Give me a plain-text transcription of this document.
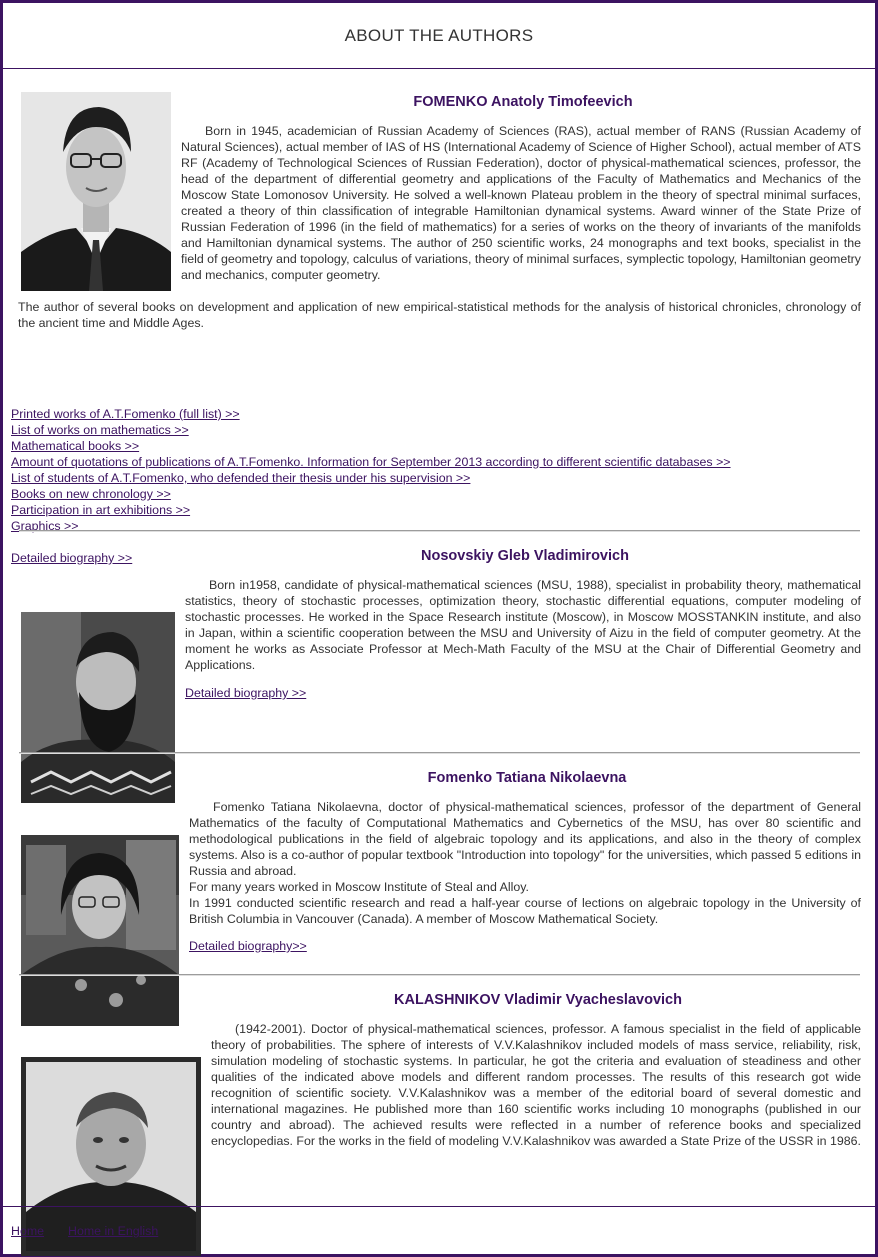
ABOUT THE AUTHORS

FOMENKO Anatoly Timofeevich

Born in 1945, academician of Russian Academy of Sciences (RAS), actual member of RANS (Russian Academy of Natural Sciences), actual member of IAS of HS (International Academy of Science of Higher School), actual member of ATS RF (Academy of Technological Sciences of Russian Federation), doctor of physical-mathematical sciences, professor, the head of the department of differential geometry and applications of the Faculty of Mathematics and Mechanics of the Moscow State Lomonosov University. He solved a well-known Plateau problem in the theory of spectral minimal surfaces, created a theory of thin classification of integrable Hamiltonian dynamical systems. Award winner of the State Prize of Russian Federation of 1996 (in the field of mathematics) for a series of works on the theory of invariants of the manifolds and Hamiltonian dynamical systems. The author of 250 scientific works, 24 monographs and text books, specialist in the field of geometry and topology, calculus of variations, theory of minimal surfaces, symplectic topology, Hamiltonian geometry and mechanics, computer geometry.

The author of several books on development and application of new empirical-statistical methods for the analysis of historical chronicles, chronology of the ancient time and Middle Ages.

Printed works of A.T.Fomenko (full list) >>
List of works on mathematics >>
Mathematical books >>
Amount of quotations of publications of A.T.Fomenko. Information for September 2013 according to different scientific databases >>
List of students of A.T.Fomenko, who defended their thesis under his supervision >>
Books on new chronology >>
Participation in art exhibitions >>
Graphics >>
Detailed biography >>	Nosovskiy Gleb Vladimirovich

Born in1958, candidate of physical-mathematical sciences (MSU, 1988), specialist in probability theory, mathematical statistics, theory of stochastic processes, optimization theory, stochastic differential equations, computer modeling of stochastic processes. He worked in the Space Research institute (Moscow), in Moscow MOSSTANKIN institute, and also in Japan, within a scientific cooperation between the MSU and University of Aizu in the field of computer geometry. At the moment he works as Associate Professor at Mech-Math Faculty of the MSU at the Chair of Differential Geometry and Applications.

Detailed biography >>

Fomenko Tatiana Nikolaevna

Fomenko Tatiana Nikolaevna, doctor of physical-mathematical sciences, professor of the department of General Mathematics of the faculty of Computational Mathematics and Cybernetics of the MSU, has over 80 scientific and methodological publications in the field of algebraic topology and its applications, and also in the theory of complex systems. Also is a co-author of popular textbook "Introduction into topology" for the universities, which passed 5 editions in Russia and abroad.
For many years worked in Moscow Institute of Steal and Alloy.
In 1991 conducted scientific research and read a half-year course of lections on algebraic topology in the University of British Columbia in Vancouver (Canada). A member of Moscow Mathematical Society.
Detailed biography>>

KALASHNIKOV Vladimir Vyacheslavovich

(1942-2001). Doctor of physical-mathematical sciences, professor. A famous specialist in the field of applicable theory of probabilities. The sphere of interests of V.V.Kalashnikov included models of mass service, reliability, risk, simulation modeling of stochastic systems. In particular, he got the criteria and evaluation of steadiness and other qualities of the indicated above models and different random processes. The results of this research got wide recognition of scientific society. V.V.Kalashnikov was a member of the editorial board of several domestic and international magazines. He published more than 160 scientific works including 10 monographs (published in our country and abroad). The achieved results were reflected in a number of reference books and specialized encyclopedias. For the works in the field of modeling V.V.Kalashnikov was awarded a State Prize of the USSR in 1986.

Home Home in English
